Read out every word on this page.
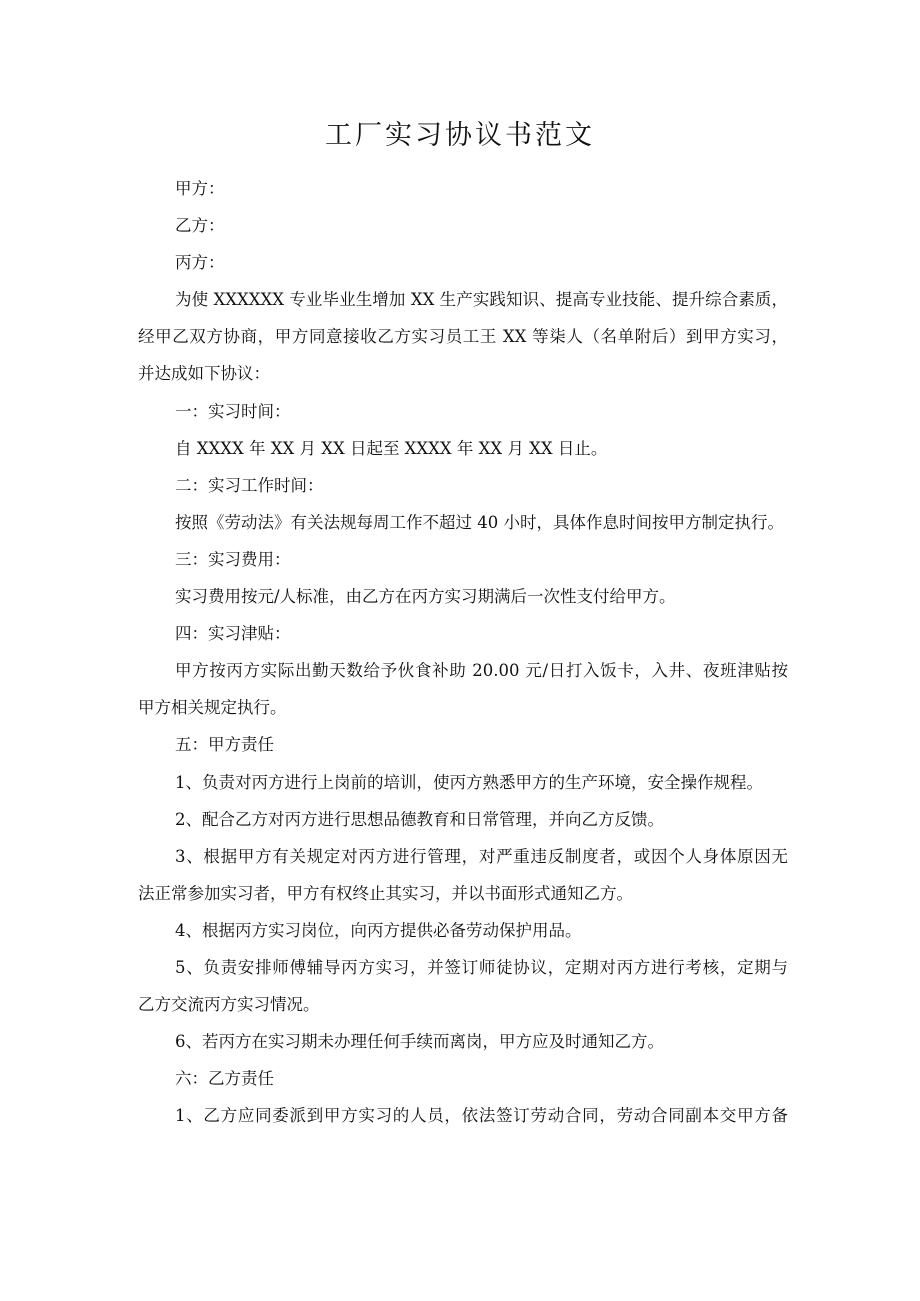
工厂实习协议书范文
甲方：
乙方：
丙方：
为使 XXXXXX 专业毕业生增加 XX 生产实践知识、提高专业技能、提升综合素质，
经甲乙双方协商，甲方同意接收乙方实习员工王 XX 等柒人（名单附后）到甲方实习，
并达成如下协议：
一：实习时间：
自 XXXX 年 XX 月 XX 日起至 XXXX 年 XX 月 XX 日止。
二：实习工作时间：
按照《劳动法》有关法规每周工作不超过 40 小时，具体作息时间按甲方制定执行。
三：实习费用：
实习费用按元/人标准，由乙方在丙方实习期满后一次性支付给甲方。
四：实习津贴：
甲方按丙方实际出勤天数给予伙食补助 20.00 元/日打入饭卡，入井、夜班津贴按
甲方相关规定执行。
五：甲方责任
1、负责对丙方进行上岗前的培训，使丙方熟悉甲方的生产环境，安全操作规程。
2、配合乙方对丙方进行思想品德教育和日常管理，并向乙方反馈。
3、根据甲方有关规定对丙方进行管理，对严重违反制度者，或因个人身体原因无
法正常参加实习者，甲方有权终止其实习，并以书面形式通知乙方。
4、根据丙方实习岗位，向丙方提供必备劳动保护用品。
5、负责安排师傅辅导丙方实习，并签订师徒协议，定期对丙方进行考核，定期与
乙方交流丙方实习情况。
6、若丙方在实习期未办理任何手续而离岗，甲方应及时通知乙方。
六：乙方责任
1、乙方应同委派到甲方实习的人员，依法签订劳动合同，劳动合同副本交甲方备
